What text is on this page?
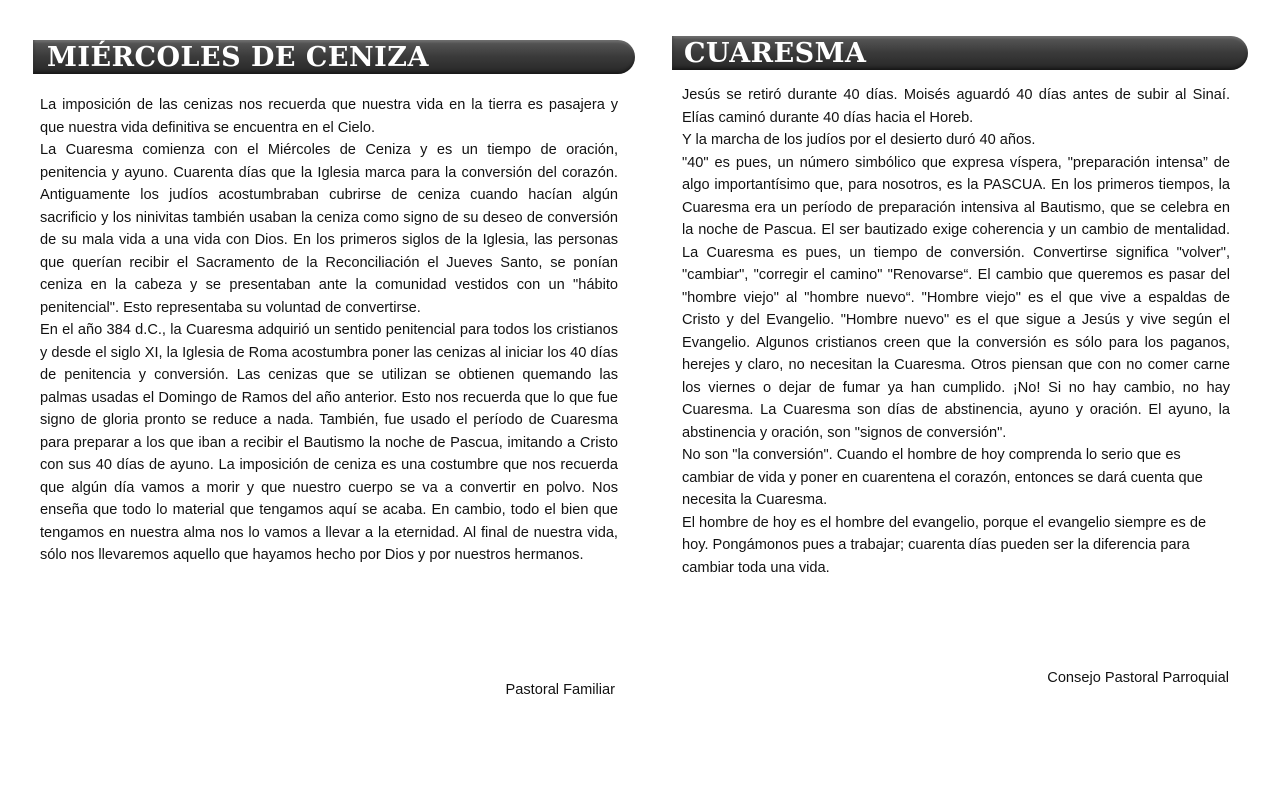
MIÉRCOLES DE CENIZA	CUARESMA

La imposición de las cenizas nos recuerda que nuestra vida en la tierra es pasajera y que nuestra vida definitiva se encuentra en el Cielo.

La Cuaresma comienza con el Miércoles de Ceniza y es un tiempo de oración, penitencia y ayuno. Cuarenta días que la Iglesia marca para la conversión del corazón. Antiguamente los judíos acostumbraban cubrirse de ceniza cuando hacían algún sacrificio y los ninivitas también usaban la ceniza como signo de su deseo de conversión de su mala vida a una vida con Dios. En los primeros siglos de la Iglesia, las personas que querían recibir el Sacramento de la Reconciliación el Jueves Santo, se ponían ceniza en la cabeza y se presentaban ante la comunidad vestidos con un "hábito penitencial". Esto representaba su voluntad de convertirse.

En el año 384 d.C., la Cuaresma adquirió un sentido penitencial para todos los cristianos y desde el siglo XI, la Iglesia de Roma acostumbra poner las cenizas al iniciar los 40 días de penitencia y conversión. Las cenizas que se utilizan se obtienen quemando las palmas usadas el Domingo de Ramos del año anterior. Esto nos recuerda que lo que fue signo de gloria pronto se reduce a nada. También, fue usado el período de Cuaresma para preparar a los que iban a recibir el Bautismo la noche de Pascua, imitando a Cristo con sus 40 días de ayuno. La imposición de ceniza es una costumbre que nos recuerda que algún día vamos a morir y que nuestro cuerpo se va a convertir en polvo. Nos enseña que todo lo material que tengamos aquí se acaba. En cambio, todo el bien que tengamos en nuestra alma nos lo vamos a llevar a la eternidad. Al final de nuestra vida, sólo nos llevaremos aquello que hayamos hecho por Dios y por nuestros hermanos.

Pastoral Familiar

Jesús se retiró durante 40 días. Moisés aguardó 40 días antes de subir al Sinaí. Elías caminó durante 40 días hacia el Horeb.

Y la marcha de los judíos por el desierto duró 40 años.

"40" es pues, un número simbólico que expresa víspera, "preparación intensa” de algo importantísimo que, para nosotros, es la PASCUA. En los primeros tiempos, la Cuaresma era un período de preparación intensiva al Bautismo, que se celebra en la noche de Pascua. El ser bautizado exige coherencia y un cambio de mentalidad. La Cuaresma es pues, un tiempo de conversión. Convertirse significa "volver", "cambiar", "corregir el camino" "Renovarse“. El cambio que queremos es pasar del "hombre viejo" al "hombre nuevo“. "Hombre viejo" es el que vive a espaldas de Cristo y del Evangelio. "Hombre nuevo" es el que sigue a Jesús y vive según el Evangelio. Algunos cristianos creen que la conversión es sólo para los paganos, herejes y claro, no necesitan la Cuaresma. Otros piensan que con no comer carne los viernes o dejar de fumar ya han cumplido. ¡No! Si no hay cambio, no hay Cuaresma. La Cuaresma son días de abstinencia, ayuno y oración. El ayuno, la abstinencia y oración, son "signos de conversión".

No son "la conversión". Cuando el hombre de hoy comprenda lo serio que es cambiar de vida y poner en cuarentena el corazón, entonces se dará cuenta que necesita la Cuaresma.

El hombre de hoy es el hombre del evangelio, porque el evangelio siempre es de hoy. Pongámonos pues a trabajar; cuarenta días pueden ser la diferencia para cambiar toda una vida.

Consejo Pastoral Parroquial
